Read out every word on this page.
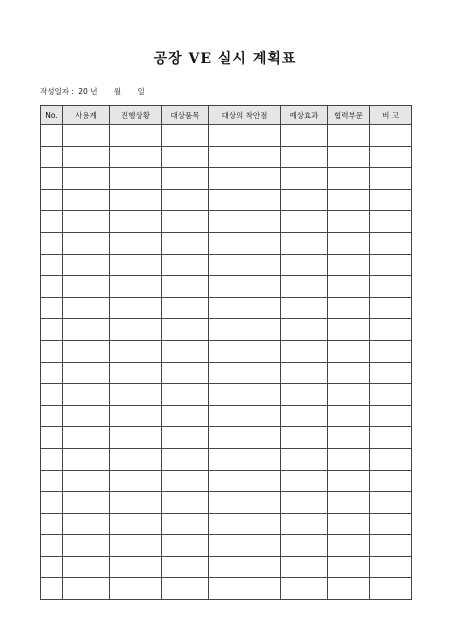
공장 VE 실시 계획표
작성일자 : 20 년 월 일
No.	사용계	진행상황	대상품목	대상의 착안점	예상효과	협력부문	비 고
